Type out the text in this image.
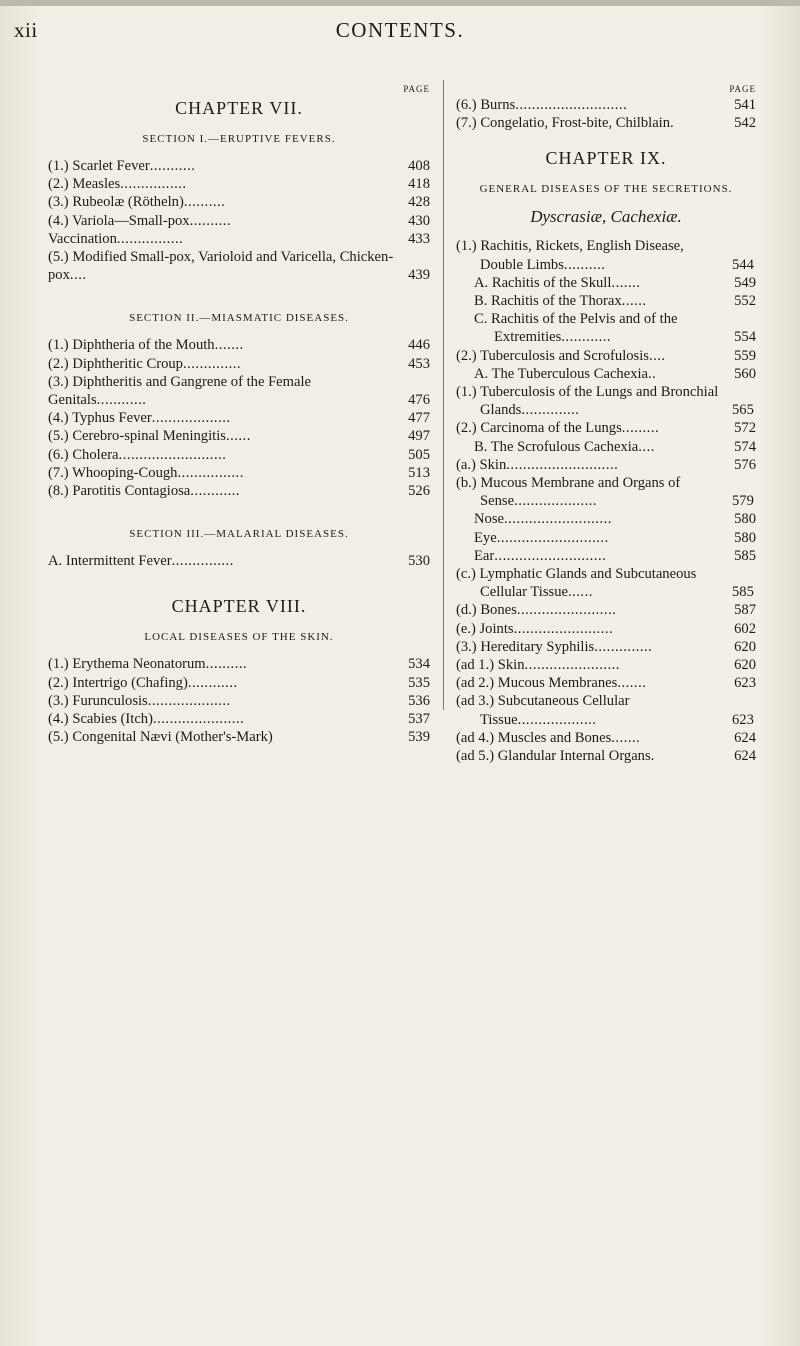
xii	CONTENTS.
PAGE
CHAPTER VII.
SECTION I.—ERUPTIVE FEVERS.
(1.) Scarlet Fever...........	408
(2.) Measles................	418
(3.) Rubeolæ (Rötheln)..........	428
(4.) Variola—Small-pox..........	430
Vaccination................	433
(5.) Modified Small-pox, Varioloid and Varicella, Chicken-pox....	439
SECTION II.—MIASMATIC DISEASES.
(1.) Diphtheria of the Mouth.......	446
(2.) Diphtheritic Croup..............	453
(3.) Diphtheritis and Gangrene of the Female Genitals............	476
(4.) Typhus Fever...................	477
(5.) Cerebro-spinal Meningitis......	497
(6.) Cholera..........................	505
(7.) Whooping-Cough................	513
(8.) Parotitis Contagiosa............	526
SECTION III.—MALARIAL DISEASES.
A. Intermittent Fever...............	530
CHAPTER VIII.
LOCAL DISEASES OF THE SKIN.
(1.) Erythema Neonatorum..........	534
(2.) Intertrigo (Chafing)............	535
(3.) Furunculosis....................	536
(4.) Scabies (Itch)......................	537
(5.) Congenital Nævi (Mother's-Mark)	539
PAGE
(6.) Burns...........................	541
(7.) Congelatio, Frost-bite, Chilblain.	542
CHAPTER IX.
GENERAL DISEASES OF THE SECRETIONS.
Dyscrasiæ, Cachexiæ.
(1.) Rachitis, Rickets, English Disease, Double Limbs..........	544
A. Rachitis of the Skull.......	549
B. Rachitis of the Thorax......	552
C. Rachitis of the Pelvis and of the Extremities............	554
(2.) Tuberculosis and Scrofulosis....	559
A. The Tuberculous Cachexia..	560
(1.) Tuberculosis of the Lungs and Bronchial Glands..............	565
(2.) Carcinoma of the Lungs.........	572
B. The Scrofulous Cachexia....	574
(a.) Skin...........................	576
(b.) Mucous Membrane and Organs of Sense....................	579
Nose..........................	580
Eye...........................	580
Ear...........................	585
(c.) Lymphatic Glands and Subcutaneous Cellular Tissue......	585
(d.) Bones........................	587
(e.) Joints........................	602
(3.) Hereditary Syphilis..............	620
(ad 1.) Skin.......................	620
(ad 2.) Mucous Membranes.......	623
(ad 3.) Subcutaneous Cellular Tissue...................	623
(ad 4.) Muscles and Bones.......	624
(ad 5.) Glandular Internal Organs.	624
